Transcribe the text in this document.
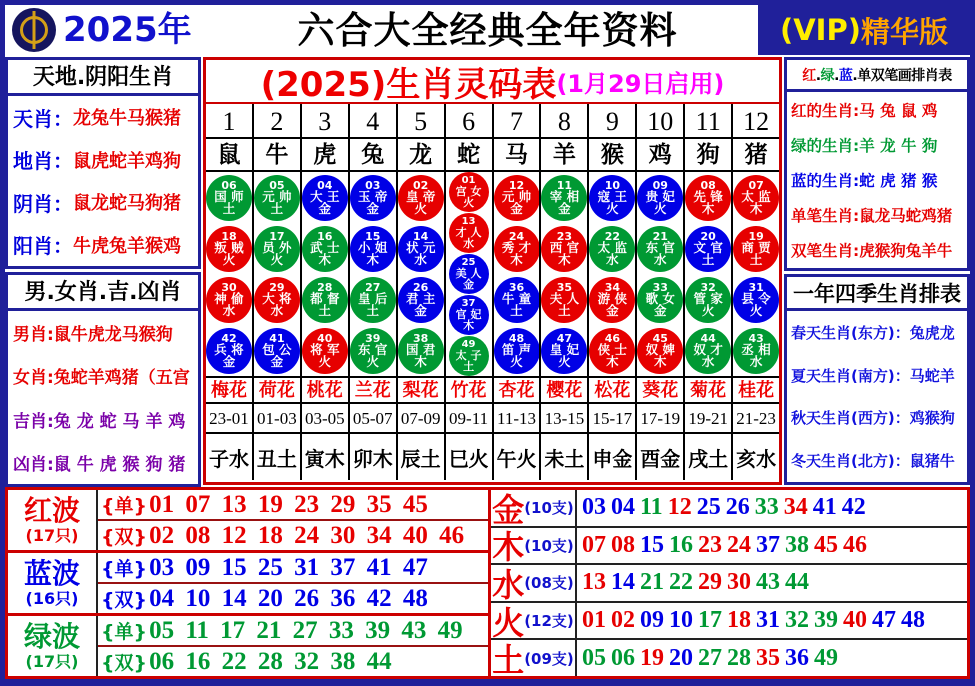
2025年	六合大全经典全年资料	(VIP) 精华版
天地.阴阳生肖
天肖： 龙兔牛马猴猪
地肖： 鼠虎蛇羊鸡狗
阴肖： 鼠龙蛇马狗猪
阳肖： 牛虎兔羊猴鸡
男.女肖.吉.凶肖
男肖:鼠牛虎龙马猴狗
女肖:兔蛇羊鸡猪（五宫
吉肖:兔 龙 蛇 马 羊 鸡
凶肖:鼠 牛 虎 猴 狗 猪
(2025)生肖灵码表 (1月29日启用)
1
鼠
06
国 师
土
18
叛 贼
火
30
神 偷
水
42
兵 将
金
梅花
23-01
子水
2
牛
05
元 帅
土
17
员 外
火
29
大 将
水
41
包 公
金
荷花
01-03
丑土
3
虎
04
大 王
金
16
武 士
木
28
都 督
土
40
将 军
火
桃花
03-05
寅木
4
兔
03
玉 帝
金
15
小 姐
木
27
皇 后
土
39
东 官
火
兰花
05-07
卯木
5
龙
02
皇 帝
火
14
状 元
水
26
君 主
金
38
国 君
木
梨花
07-09
辰土
6
蛇
01
宫 女
火
13
才 人
水
25
美 人
金
37
官 妃
木
49
太 子
土
竹花
09-11
巳火
7
马
12
元 帅
金
24
秀 才
木
36
牛 童
土
48
笛 声
火
杏花
11-13
午火
8
羊
11
宰 相
金
23
西 官
木
35
夫 人
土
47
皇 妃
火
樱花
13-15
未土
9
猴
10
寇 王
火
22
太 监
水
34
游 侠
金
46
侠 士
木
松花
15-17
申金
10
鸡
09
贵 妃
火
21
东 官
水
33
歌 女
金
45
奴 婢
木
葵花
17-19
酉金
11
狗
08
先 锋
木
20
文 官
土
32
管 家
火
44
奴 才
水
菊花
19-21
戌土
12
猪
07
太 监
木
19
商 贾
土
31
县 令
火
43
丞 相
水
桂花
21-23
亥水
红.绿.蓝.单双笔画排肖表
红的生肖:马 兔 鼠 鸡
绿的生肖:羊 龙 牛 狗
蓝的生肖:蛇 虎 猪 猴
单笔生肖:鼠龙马蛇鸡猪
双笔生肖:虎猴狗兔羊牛
一年四季生肖排表
春天生肖(东方)：兔虎龙
夏天生肖(南方)：马蛇羊
秋天生肖(西方)：鸡猴狗
冬天生肖(北方)：鼠猪牛
红波
(17只)
{单} 01 07 13 19 23 29 35 45
{双} 02 08 12 18 24 30 34 40 46
蓝波
(16只)
{单} 03 09 15 25 31 37 41 47
{双} 04 10 14 20 26 36 42 48
绿波
(17只)
{单} 05 11 17 21 27 33 39 43 49
{双} 06 16 22 28 32 38 44
金 (10支) 03 04 11 12 25 26 33 34 41 42
木 (10支) 07 08 15 16 23 24 37 38 45 46
水 (08支) 13 14 21 22 29 30 43 44
火 (12支) 01 02 09 10 17 18 31 32 39 40 47 48
土 (09支) 05 06 19 20 27 28 35 36 49
